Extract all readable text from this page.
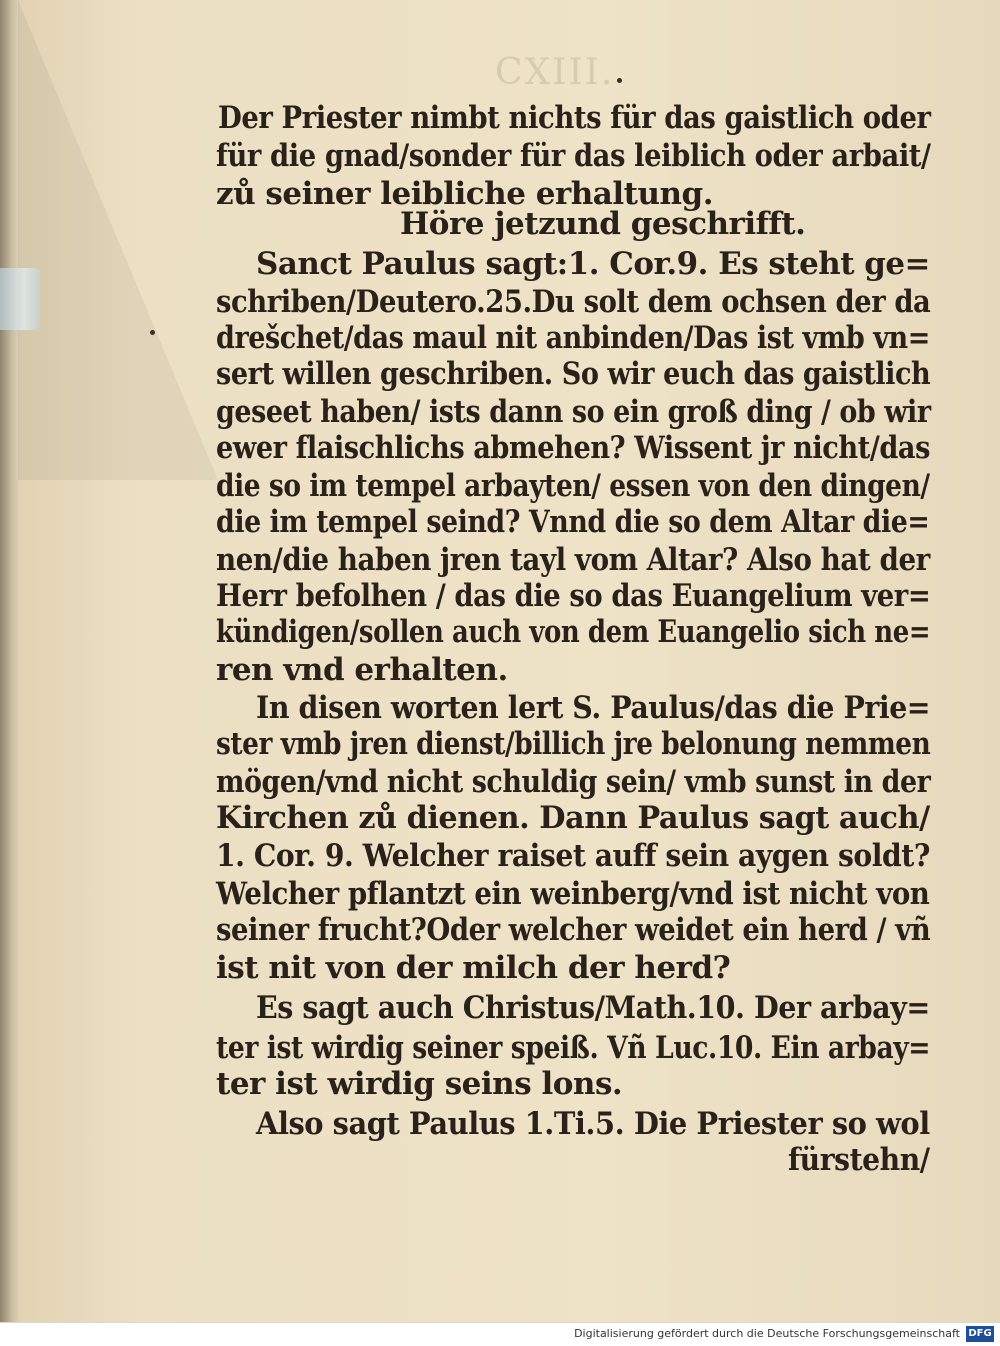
CXIII.

Der Priester nimbt nichts für das gaistlich oder

für die gnad/sonder für das leiblich oder arbait/

zů seiner leibliche erhaltung.

Höre jetzund geschrifft.

Sanct Paulus sagt:1. Cor.9. Es steht ge=

schriben/Deutero.25.Du solt dem ochsen der da

drešchet/das maul nit anbinden/Das ist vmb vn=

sert willen geschriben. So wir euch das gaistlich

geseet haben/ ists dann so ein groß ding / ob wir

ewer flaischlichs abmehen? Wissent jr nicht/das

die so im tempel arbayten/ essen von den dingen/

die im tempel seind? Vnnd die so dem Altar die=

nen/die haben jren tayl vom Altar? Also hat der

Herr befolhen / das die so das Euangelium ver=

kündigen/sollen auch von dem Euangelio sich ne=

ren vnd erhalten.

In disen worten lert S. Paulus/das die Prie=

ster vmb jren dienst/billich jre belonung nemmen

mögen/vnd nicht schuldig sein/ vmb sunst in der

Kirchen zů dienen. Dann Paulus sagt auch/

1. Cor. 9. Welcher raiset auff sein aygen soldt?

Welcher pflantzt ein weinberg/vnd ist nicht von

seiner frucht?Oder welcher weidet ein herd / vñ

ist nit von der milch der herd?

Es sagt auch Christus/Math.10. Der arbay=

ter ist wirdig seiner speiß. Vñ Luc.10. Ein arbay=

ter ist wirdig seins lons.

Also sagt Paulus 1.Ti.5. Die Priester so wol

fürstehn/

Digitalisierung gefördert durch die Deutsche Forschungsgemeinschaft DFG
